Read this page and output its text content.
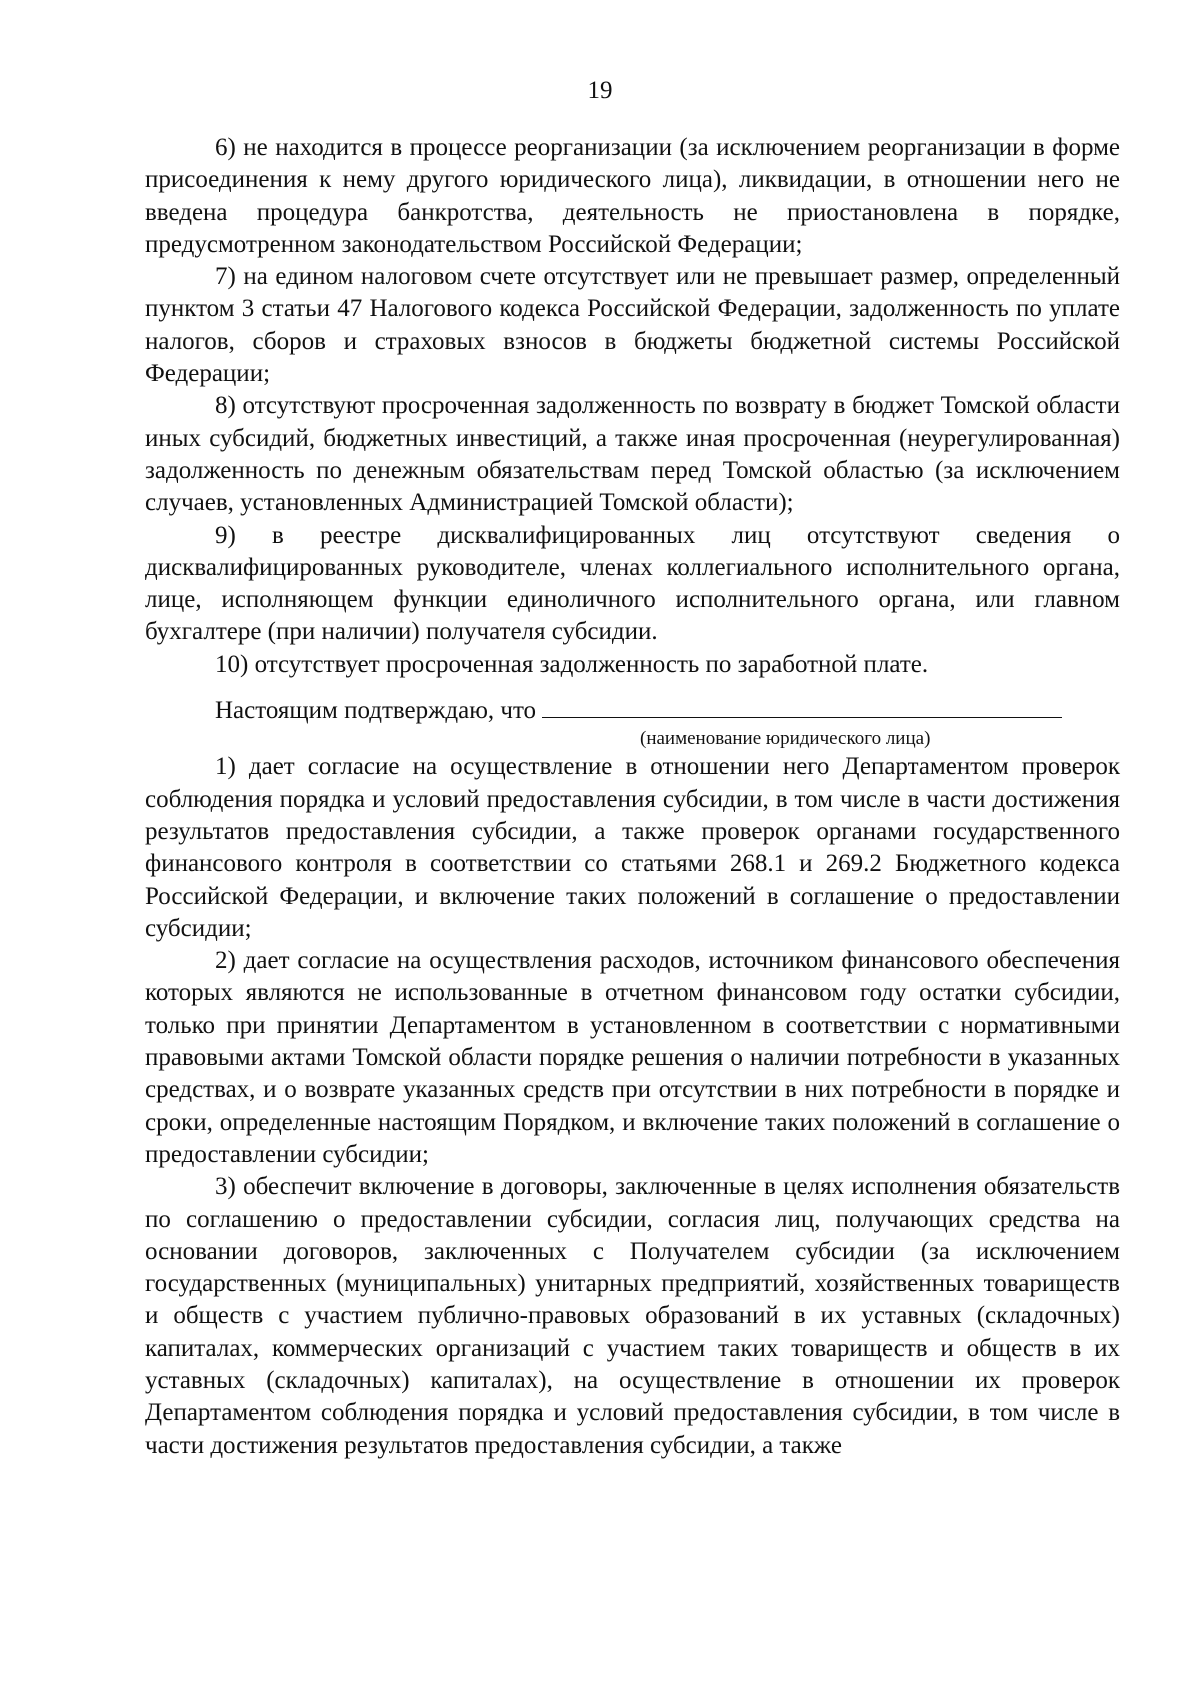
19

6) не находится в процессе реорганизации (за исключением реорганизации в форме присоединения к нему другого юридического лица), ликвидации, в отношении него не введена процедура банкротства, деятельность не приостановлена в порядке, предусмотренном законодательством Российской Федерации;

7) на едином налоговом счете отсутствует или не превышает размер, определенный пунктом 3 статьи 47 Налогового кодекса Российской Федерации, задолженность по уплате налогов, сборов и страховых взносов в бюджеты бюджетной системы Российской Федерации;

8) отсутствуют просроченная задолженность по возврату в бюджет Томской области иных субсидий, бюджетных инвестиций, а также иная просроченная (неурегулированная) задолженность по денежным обязательствам перед Томской областью (за исключением случаев, установленных Администрацией Томской области);

9) в реестре дисквалифицированных лиц отсутствуют сведения о дисквалифицированных руководителе, членах коллегиального исполнительного органа, лице, исполняющем функции единоличного исполнительного органа, или главном бухгалтере (при наличии) получателя субсидии.

10) отсутствует просроченная задолженность по заработной плате.

Настоящим подтверждаю, что

(наименование юридического лица)

1) дает согласие на осуществление в отношении него Департаментом проверок соблюдения порядка и условий предоставления субсидии, в том числе в части достижения результатов предоставления субсидии, а также проверок органами государственного финансового контроля в соответствии со статьями 268.1 и 269.2 Бюджетного кодекса Российской Федерации, и включение таких положений в соглашение о предоставлении субсидии;

2) дает согласие на осуществления расходов, источником финансового обеспечения которых являются не использованные в отчетном финансовом году остатки субсидии, только при принятии Департаментом в установленном в соответствии с нормативными правовыми актами Томской области порядке решения о наличии потребности в указанных средствах, и о возврате указанных средств при отсутствии в них потребности в порядке и сроки, определенные настоящим Порядком, и включение таких положений в соглашение о предоставлении субсидии;

3) обеспечит включение в договоры, заключенные в целях исполнения обязательств по соглашению о предоставлении субсидии, согласия лиц, получающих средства на основании договоров, заключенных с Получателем субсидии (за исключением государственных (муниципальных) унитарных предприятий, хозяйственных товариществ и обществ с участием публично-правовых образований в их уставных (складочных) капиталах, коммерческих организаций с участием таких товариществ и обществ в их уставных (складочных) капиталах), на осуществление в отношении их проверок Департаментом соблюдения порядка и условий предоставления субсидии, в том числе в части достижения результатов предоставления субсидии, а также
